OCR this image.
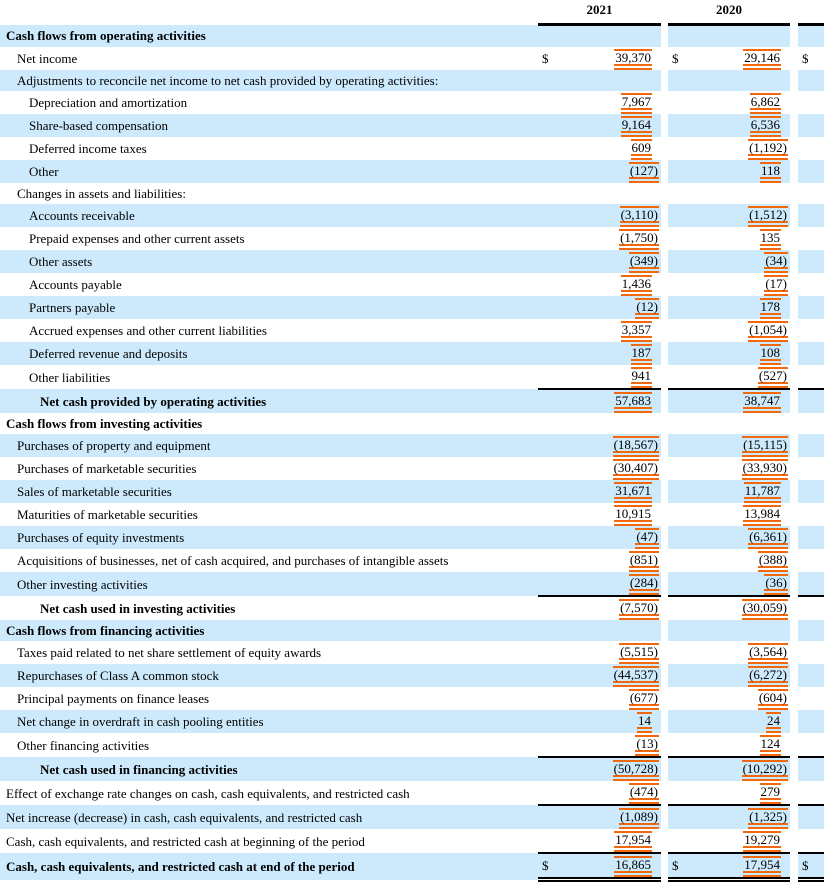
	2021			2020			
Cash flows from operating activities							
Net income	$	39,370		$	29,146		$
Adjustments to reconcile net income to net cash provided by operating activities:							
Depreciation and amortization		7,967			6,862		
Share-based compensation		9,164			6,536		
Deferred income taxes		609			(1,192)		
Other		(127)			118		
Changes in assets and liabilities:							
Accounts receivable		(3,110)			(1,512)		
Prepaid expenses and other current assets		(1,750)			135		
Other assets		(349)			(34)		
Accounts payable		1,436			(17)		
Partners payable		(12)			178		
Accrued expenses and other current liabilities		3,357			(1,054)		
Deferred revenue and deposits		187			108		
Other liabilities		941			(527)		
Net cash provided by operating activities		57,683			38,747		
Cash flows from investing activities							
Purchases of property and equipment		(18,567)			(15,115)		
Purchases of marketable securities		(30,407)			(33,930)		
Sales of marketable securities		31,671			11,787		
Maturities of marketable securities		10,915			13,984		
Purchases of equity investments		(47)			(6,361)		
Acquisitions of businesses, net of cash acquired, and purchases of intangible assets		(851)			(388)		
Other investing activities		(284)			(36)		
Net cash used in investing activities		(7,570)			(30,059)		
Cash flows from financing activities							
Taxes paid related to net share settlement of equity awards		(5,515)			(3,564)		
Repurchases of Class A common stock		(44,537)			(6,272)		
Principal payments on finance leases		(677)			(604)		
Net change in overdraft in cash pooling entities		14			24		
Other financing activities		(13)			124		
Net cash used in financing activities		(50,728)			(10,292)		
Effect of exchange rate changes on cash, cash equivalents, and restricted cash		(474)			279		
Net increase (decrease) in cash, cash equivalents, and restricted cash		(1,089)			(1,325)		
Cash, cash equivalents, and restricted cash at beginning of the period		17,954			19,279		
Cash, cash equivalents, and restricted cash at end of the period	$	16,865		$	17,954		$
